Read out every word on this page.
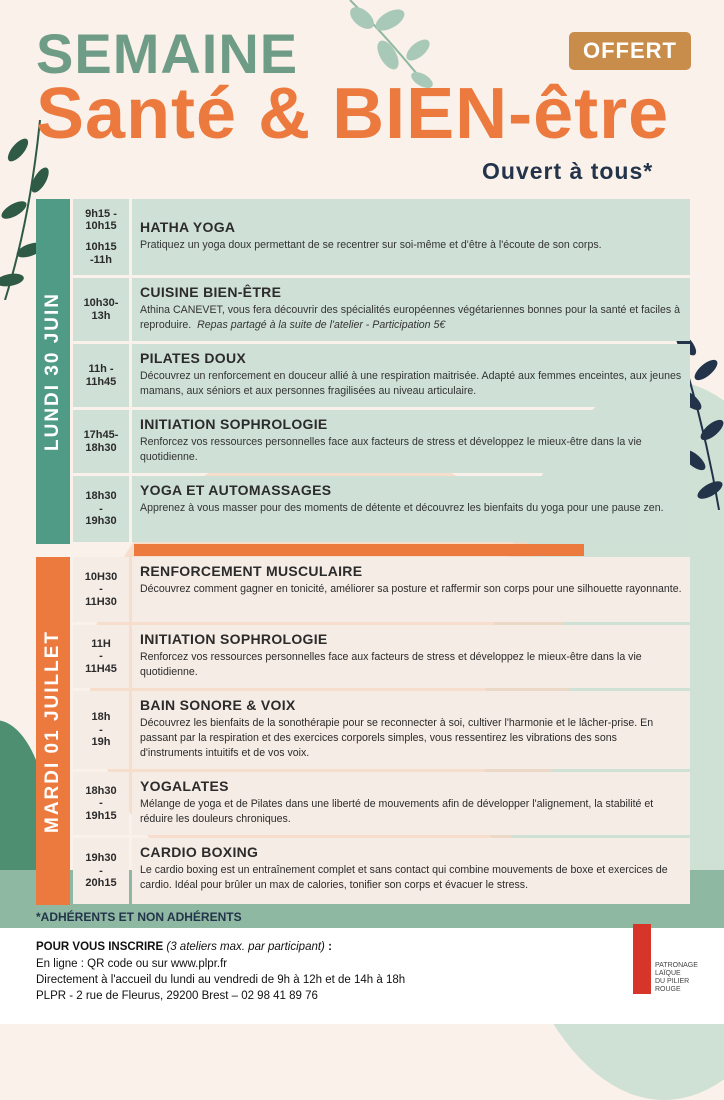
SEMAINE
Santé & BIEN-être
OFFERT
Ouvert à tous*
LUNDI 30 JUIN
9h15 -
10h15
10h15
-11h
HATHA YOGA

Pratiquez un yoga doux permettant de se recentrer sur soi-même et d'être à l'écoute de son corps.

10h30-
13h
CUISINE BIEN-ÊTRE

Athina CANEVET, vous fera découvrir des spécialités européennes végétariennes bonnes pour la santé et faciles à reproduire. Repas partagé à la suite de l'atelier - Participation 5€

11h -
11h45
PILATES DOUX

Découvrez un renforcement en douceur allié à une respiration maitrisée. Adapté aux femmes enceintes, aux jeunes mamans, aux séniors et aux personnes fragilisées au niveau articulaire.

17h45-
18h30
INITIATION SOPHROLOGIE

Renforcez vos ressources personnelles face aux facteurs de stress et développez le mieux-être dans la vie quotidienne.

18h30
-
19h30
YOGA ET AUTOMASSAGES

Apprenez à vous masser pour des moments de détente et découvrez les bienfaits du yoga pour une pause zen.

MARDI 01 JUILLET
10H30
-
11H30
RENFORCEMENT MUSCULAIRE

Découvrez comment gagner en tonicité, améliorer sa posture et raffermir son corps pour une silhouette rayonnante.

11H
-
11H45
INITIATION SOPHROLOGIE

Renforcez vos ressources personnelles face aux facteurs de stress et développez le mieux-être dans la vie quotidienne.

18h
-
19h
BAIN SONORE & VOIX

Découvrez les bienfaits de la sonothérapie pour se reconnecter à soi, cultiver l'harmonie et le lâcher-prise. En passant par la respiration et des exercices corporels simples, vous ressentirez les vibrations des sons d'instruments intuitifs et de vos voix.

18h30
-
19h15
YOGALATES

Mélange de yoga et de Pilates dans une liberté de mouvements afin de développer l'alignement, la stabilité et réduire les douleurs chroniques.

19h30
-
20h15
CARDIO BOXING

Le cardio boxing est un entraînement complet et sans contact qui combine mouvements de boxe et exercices de cardio. Idéal pour brûler un max de calories, tonifier son corps et évacuer le stress.

*ADHÉRENTS ET NON ADHÉRENTS
POUR VOUS INSCRIRE (3 ateliers max. par participant) :
En ligne : QR code ou sur www.plpr.fr
Directement à l'accueil du lundi au vendredi de 9h à 12h et de 14h à 18h
PLPR - 2 rue de Fleurus, 29200 Brest – 02 98 41 89 76
PATRONAGE
LAÏQUE
DU PILIER
ROUGE
